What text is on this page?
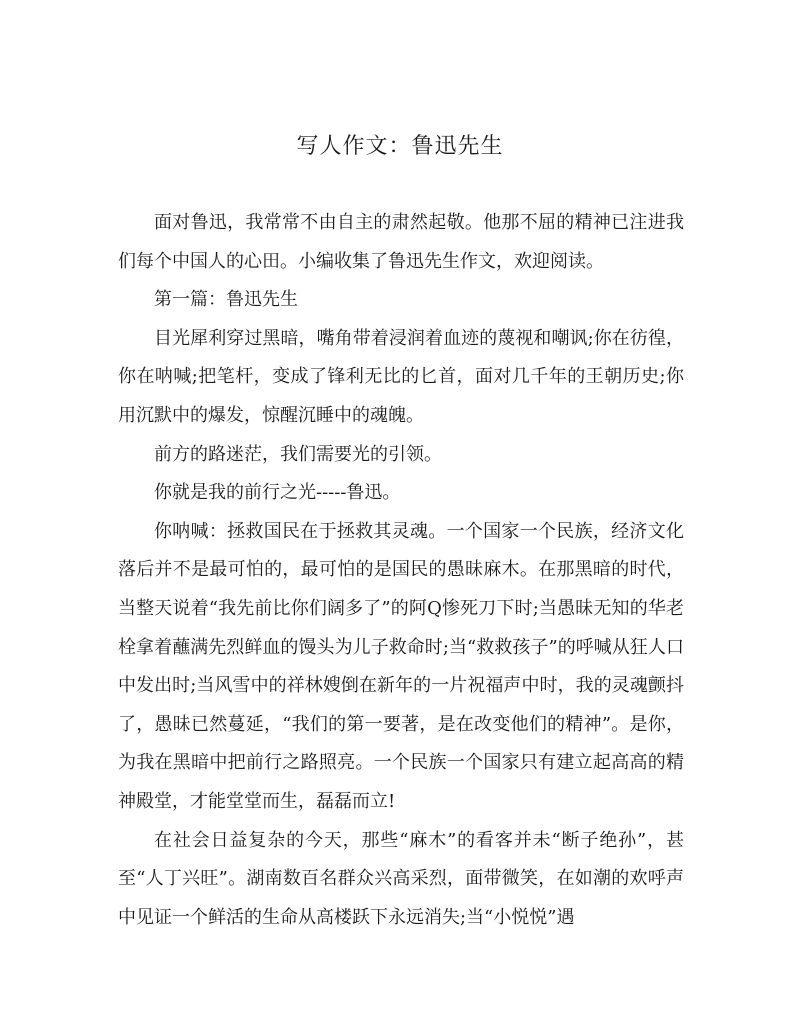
写人作文：鲁迅先生

面对鲁迅，我常常不由自主的肃然起敬。他那不屈的精神已注进我们每个中国人的心田。小编收集了鲁迅先生作文，欢迎阅读。

第一篇：鲁迅先生

目光犀利穿过黑暗，嘴角带着浸润着血迹的蔑视和嘲讽;你在彷徨，你在呐喊;把笔杆，变成了锋利无比的匕首，面对几千年的王朝历史;你用沉默中的爆发，惊醒沉睡中的魂魄。

前方的路迷茫，我们需要光的引领。

你就是我的前行之光-----鲁迅。

你呐喊：拯救国民在于拯救其灵魂。一个国家一个民族，经济文化落后并不是最可怕的，最可怕的是国民的愚昧麻木。在那黑暗的时代，当整天说着“我先前比你们阔多了”的阿Q惨死刀下时;当愚昧无知的华老栓拿着蘸满先烈鲜血的馒头为儿子救命时;当“救救孩子”的呼喊从狂人口中发出时;当风雪中的祥林嫂倒在新年的一片祝福声中时，我的灵魂颤抖了，愚昧已然蔓延，“我们的第一要著，是在改变他们的精神”。是你，为我在黑暗中把前行之路照亮。一个民族一个国家只有建立起高高的精神殿堂，才能堂堂而生，磊磊而立!

在社会日益复杂的今天，那些“麻木”的看客并未“断子绝孙”，甚至“人丁兴旺”。湖南数百名群众兴高采烈，面带微笑，在如潮的欢呼声中见证一个鲜活的生命从高楼跃下永远消失;当“小悦悦”遇
